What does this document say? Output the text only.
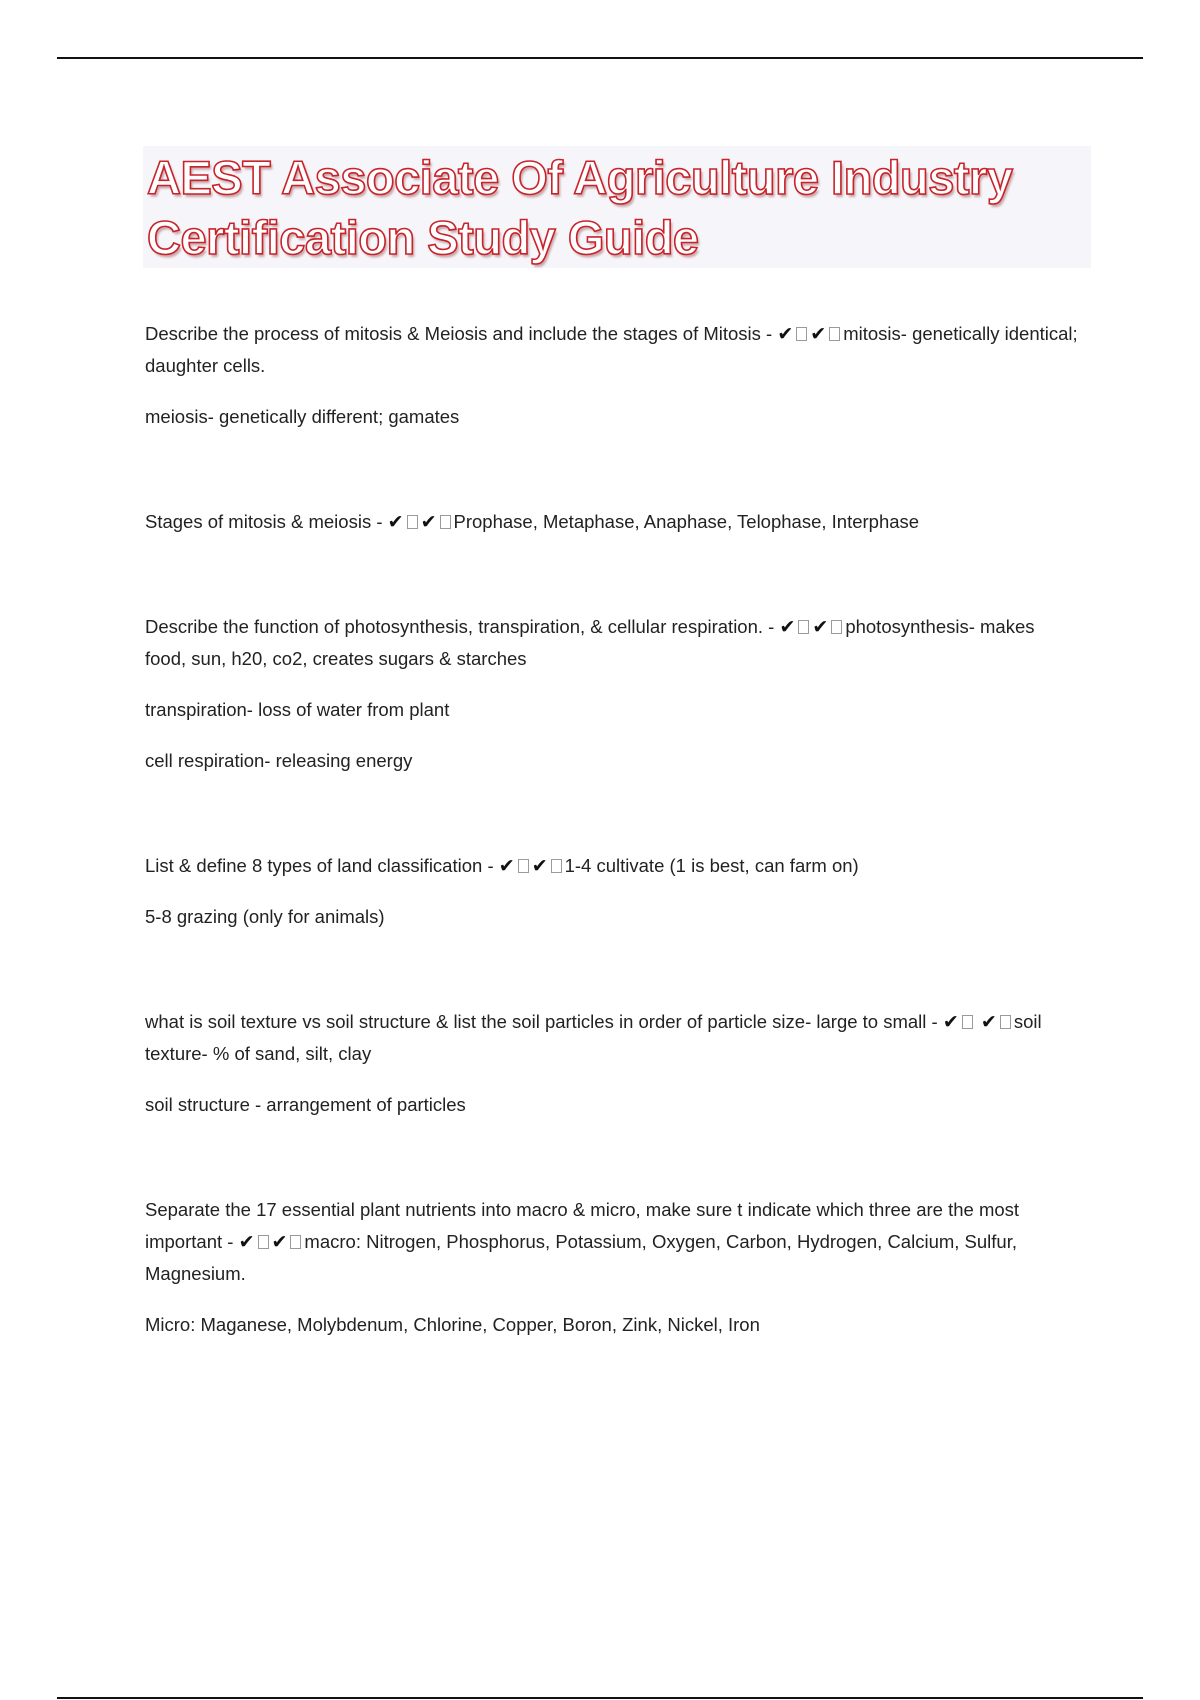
AEST Associate Of Agriculture Industry
Certification Study Guide

Describe the process of mitosis & Meiosis and include the stages of Mitosis - ✔ ✔ mitosis- genetically identical; daughter cells.

meiosis- genetically different; gamates

Stages of mitosis & meiosis - ✔ ✔ Prophase, Metaphase, Anaphase, Telophase, Interphase

Describe the function of photosynthesis, transpiration, & cellular respiration. - ✔ ✔ photosynthesis- makes food, sun, h20, co2, creates sugars & starches

transpiration- loss of water from plant

cell respiration- releasing energy

List & define 8 types of land classification - ✔ ✔ 1-4 cultivate (1 is best, can farm on)

5-8 grazing (only for animals)

what is soil texture vs soil structure & list the soil particles in order of particle size- large to small - ✔ ✔ soil texture- % of sand, silt, clay

soil structure - arrangement of particles

Separate the 17 essential plant nutrients into macro & micro, make sure t indicate which three are the most important - ✔ ✔ macro: Nitrogen, Phosphorus, Potassium, Oxygen, Carbon, Hydrogen, Calcium, Sulfur, Magnesium.

Micro: Maganese, Molybdenum, Chlorine, Copper, Boron, Zink, Nickel, Iron
